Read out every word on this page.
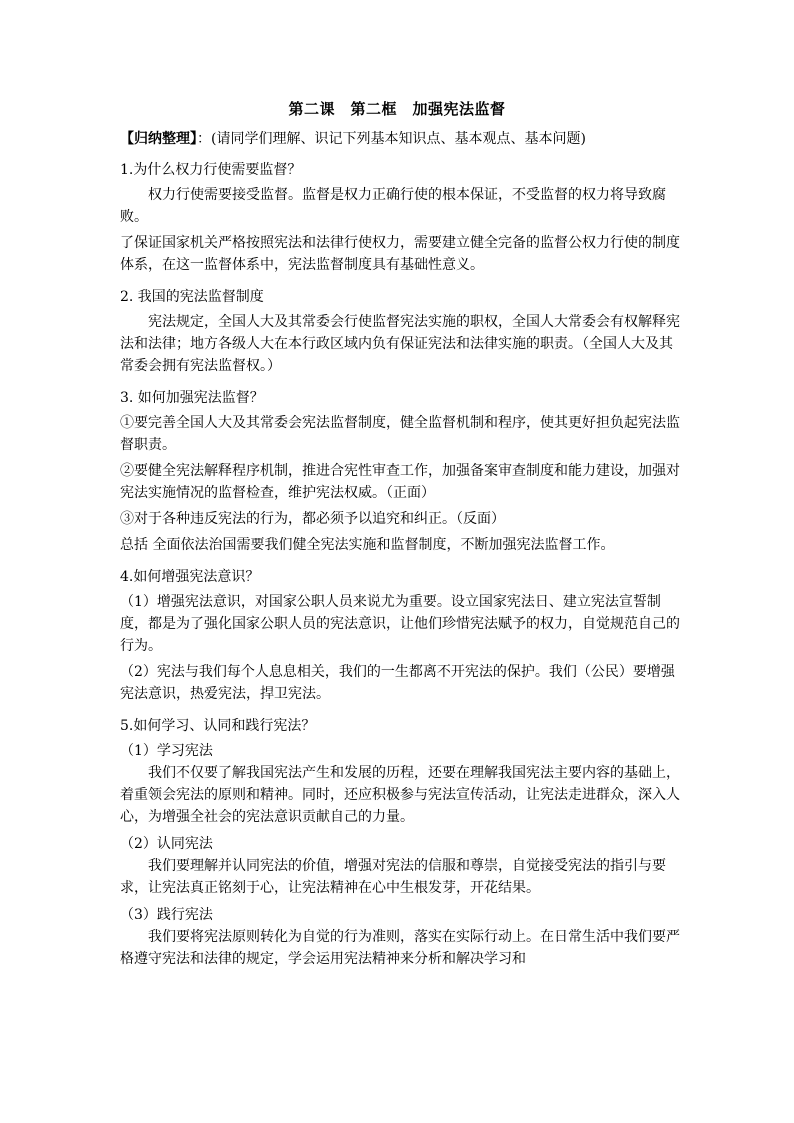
第二课　第二框　加强宪法监督

【归纳整理】：(请同学们理解、识记下列基本知识点、基本观点、基本问题)

1.为什么权力行使需要监督？

权力行使需要接受监督。监督是权力正确行使的根本保证，不受监督的权力将导致腐败。

了保证国家机关严格按照宪法和法律行使权力，需要建立健全完备的监督公权力行使的制度体系，在这一监督体系中，宪法监督制度具有基础性意义。

2. 我国的宪法监督制度

宪法规定，全国人大及其常委会行使监督宪法实施的职权，全国人大常委会有权解释宪法和法律；地方各级人大在本行政区域内负有保证宪法和法律实施的职责。（全国人大及其常委会拥有宪法监督权。）

3. 如何加强宪法监督？

①要完善全国人大及其常委会宪法监督制度，健全监督机制和程序，使其更好担负起宪法监督职责。

②要健全宪法解释程序机制，推进合宪性审查工作，加强备案审查制度和能力建设，加强对宪法实施情况的监督检查，维护宪法权威。（正面）

③对于各种违反宪法的行为，都必须予以追究和纠正。（反面）

总括 全面依法治国需要我们健全宪法实施和监督制度，不断加强宪法监督工作。

4.如何增强宪法意识？

（1）增强宪法意识，对国家公职人员来说尤为重要。设立国家宪法日、建立宪法宣誓制度，都是为了强化国家公职人员的宪法意识，让他们珍惜宪法赋予的权力，自觉规范自己的行为。

（2）宪法与我们每个人息息相关，我们的一生都离不开宪法的保护。我们（公民）要增强宪法意识，热爱宪法，捍卫宪法。

5.如何学习、认同和践行宪法？

（1）学习宪法

我们不仅要了解我国宪法产生和发展的历程，还要在理解我国宪法主要内容的基础上，着重领会宪法的原则和精神。同时，还应积极参与宪法宣传活动，让宪法走进群众，深入人心，为增强全社会的宪法意识贡献自己的力量。

（2）认同宪法

我们要理解并认同宪法的价值，增强对宪法的信服和尊崇，自觉接受宪法的指引与要求，让宪法真正铭刻于心，让宪法精神在心中生根发芽，开花结果。

（3）践行宪法

我们要将宪法原则转化为自觉的行为准则，落实在实际行动上。在日常生活中我们要严格遵守宪法和法律的规定，学会运用宪法精神来分析和解决学习和
